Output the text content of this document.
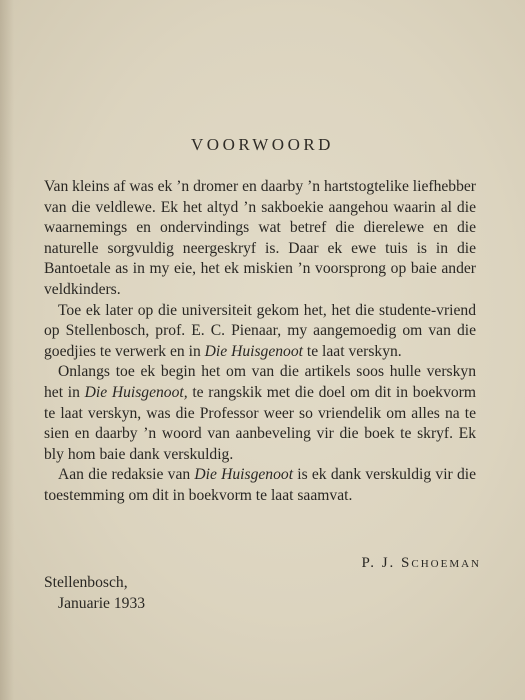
VOORWOORD

Van kleins af was ek ’n dromer en daarby ’n hartstogtelike liefhebber van die veldlewe. Ek het altyd ’n sakboekie aangehou waarin al die waarnemings en ondervindings wat betref die dierelewe en die naturelle sorgvuldig neergeskryf is. Daar ek ewe tuis is in die Bantoetale as in my eie, het ek miskien ’n voorsprong op baie ander veldkinders.

Toe ek later op die universiteit gekom het, het die studente-vriend op Stellenbosch, prof. E. C. Pienaar, my aangemoedig om van die goedjies te verwerk en in Die Huisgenoot te laat verskyn.

Onlangs toe ek begin het om van die artikels soos hulle verskyn het in Die Huisgenoot, te rangskik met die doel om dit in boekvorm te laat verskyn, was die Professor weer so vriendelik om alles na te sien en daarby ’n woord van aanbeveling vir die boek te skryf. Ek bly hom baie dank verskuldig.

Aan die redaksie van Die Huisgenoot is ek dank verskuldig vir die toestemming om dit in boekvorm te laat saamvat.

P. J. Schoeman
Stellenbosch,
Januarie 1933
